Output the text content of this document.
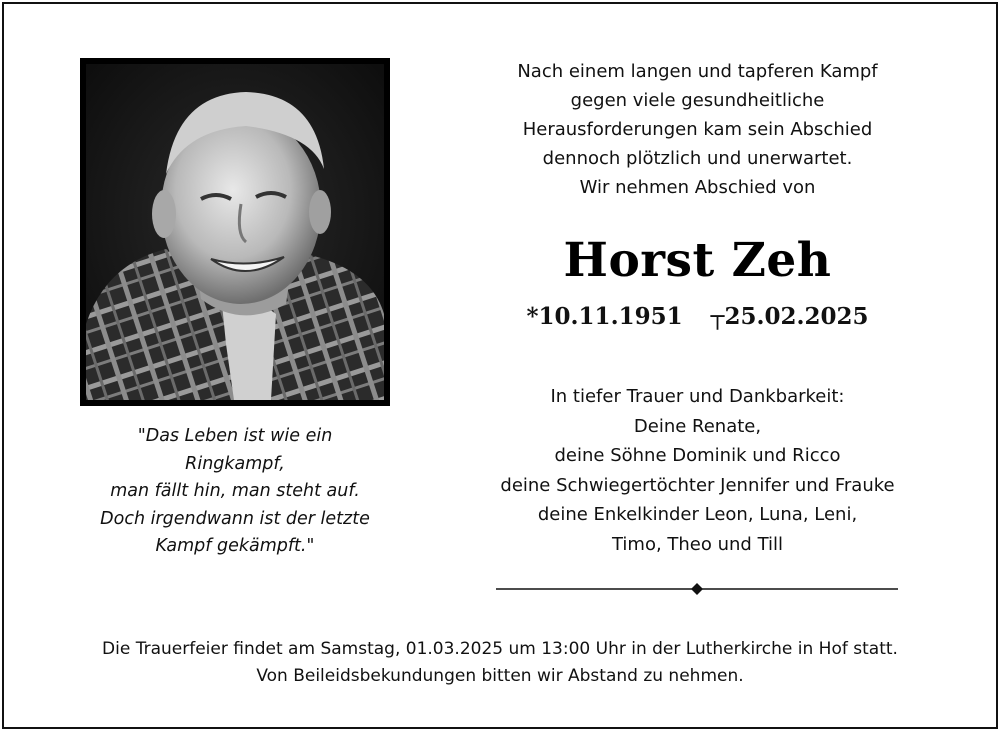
"Das Leben ist wie ein
Ringkampf,
man fällt hin, man steht auf.
Doch irgendwann ist der letzte
Kampf gekämpft."
Nach einem langen und tapferen Kampf
gegen viele gesundheitliche
Herausforderungen kam sein Abschied
dennoch plötzlich und unerwartet.
Wir nehmen Abschied von
Horst Zeh
*10.11.1951 ┬25.02.2025
In tiefer Trauer und Dankbarkeit:
Deine Renate,
deine Söhne Dominik und Ricco
deine Schwiegertöchter Jennifer und Frauke
deine Enkelkinder Leon, Luna, Leni,
Timo, Theo und Till
Die Trauerfeier findet am Samstag, 01.03.2025 um 13:00 Uhr in der Lutherkirche in Hof statt.
Von Beileidsbekundungen bitten wir Abstand zu nehmen.
